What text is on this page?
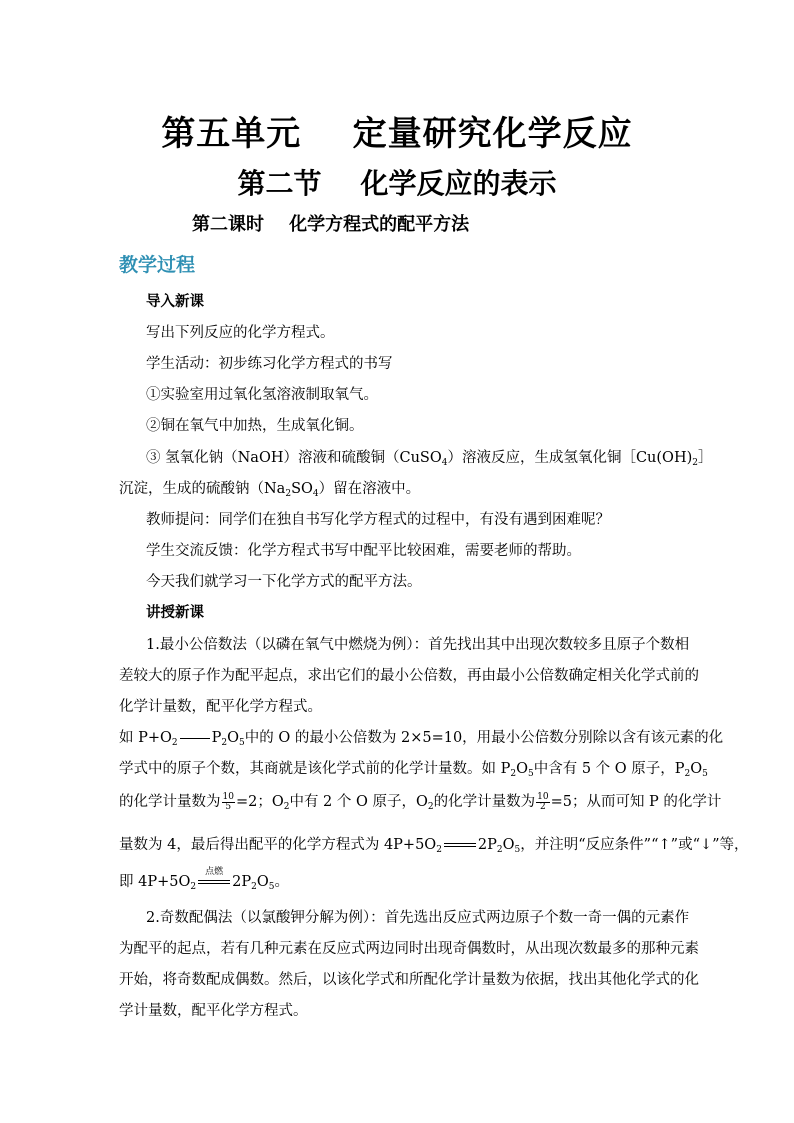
第五单元    定量研究化学反应
第二节    化学反应的表示
第二课时    化学方程式的配平方法
教学过程
导入新课
写出下列反应的化学方程式。
学生活动：初步练习化学方程式的书写
①实验室用过氧化氢溶液制取氧气。
②铜在氧气中加热，生成氧化铜。
③ 氢氧化钠（NaOH）溶液和硫酸铜（CuSO$_4$）溶液反应，生成氢氧化铜$[Cu(OH)_2]$
沉淀，生成的硫酸钠$(Na_2SO_4)$留在溶液中。
教师提问：同学们在独自书写化学方程式的过程中，有没有遇到困难呢？
学生交流反馈：化学方程式书写中配平比较困难，需要老师的帮助。
今天我们就学习一下化学方式的配平方法。
讲授新课
1.最小公倍数法（以磷在氧气中燃烧为例）：首先找出其中出现次数较多且原子个数相
差较大的原子作为配平起点，求出它们的最小公倍数，再由最小公倍数确定相关化学式前的
化学计量数，配平化学方程式。
如 $P+O_2$ $P_2O_5$中的 O 的最小公倍数为 2×5=10，用最小公倍数分别除以含有该元素的化
学式中的原子个数，其商就是该化学式前的化学计量数。如 $P_2O_5$中含有 5 个 O 原子，$P_2O_5$
的化学计量数为 $\frac{10}{5} =2$；$O_2$中有 2 个 O 原子，$O_2$的化学计量数为 $\frac{10}{2} =5$；从而可知 P 的化学计
量数为 4，最后得出配平的化学方程式为 $4P+5O_2$ $2P_2O_5$，并注明“反应条件”“↑”或“↓”等，
即 $4P+5O_2$
点燃
$2P_2O_5$。
2.奇数配偶法（以氯酸钾分解为例）：首先选出反应式两边原子个数一奇一偶的元素作
为配平的起点，若有几种元素在反应式两边同时出现奇偶数时，从出现次数最多的那种元素
开始，将奇数配成偶数。然后，以该化学式和所配化学计量数为依据，找出其他化学式的化
学计量数，配平化学方程式。
